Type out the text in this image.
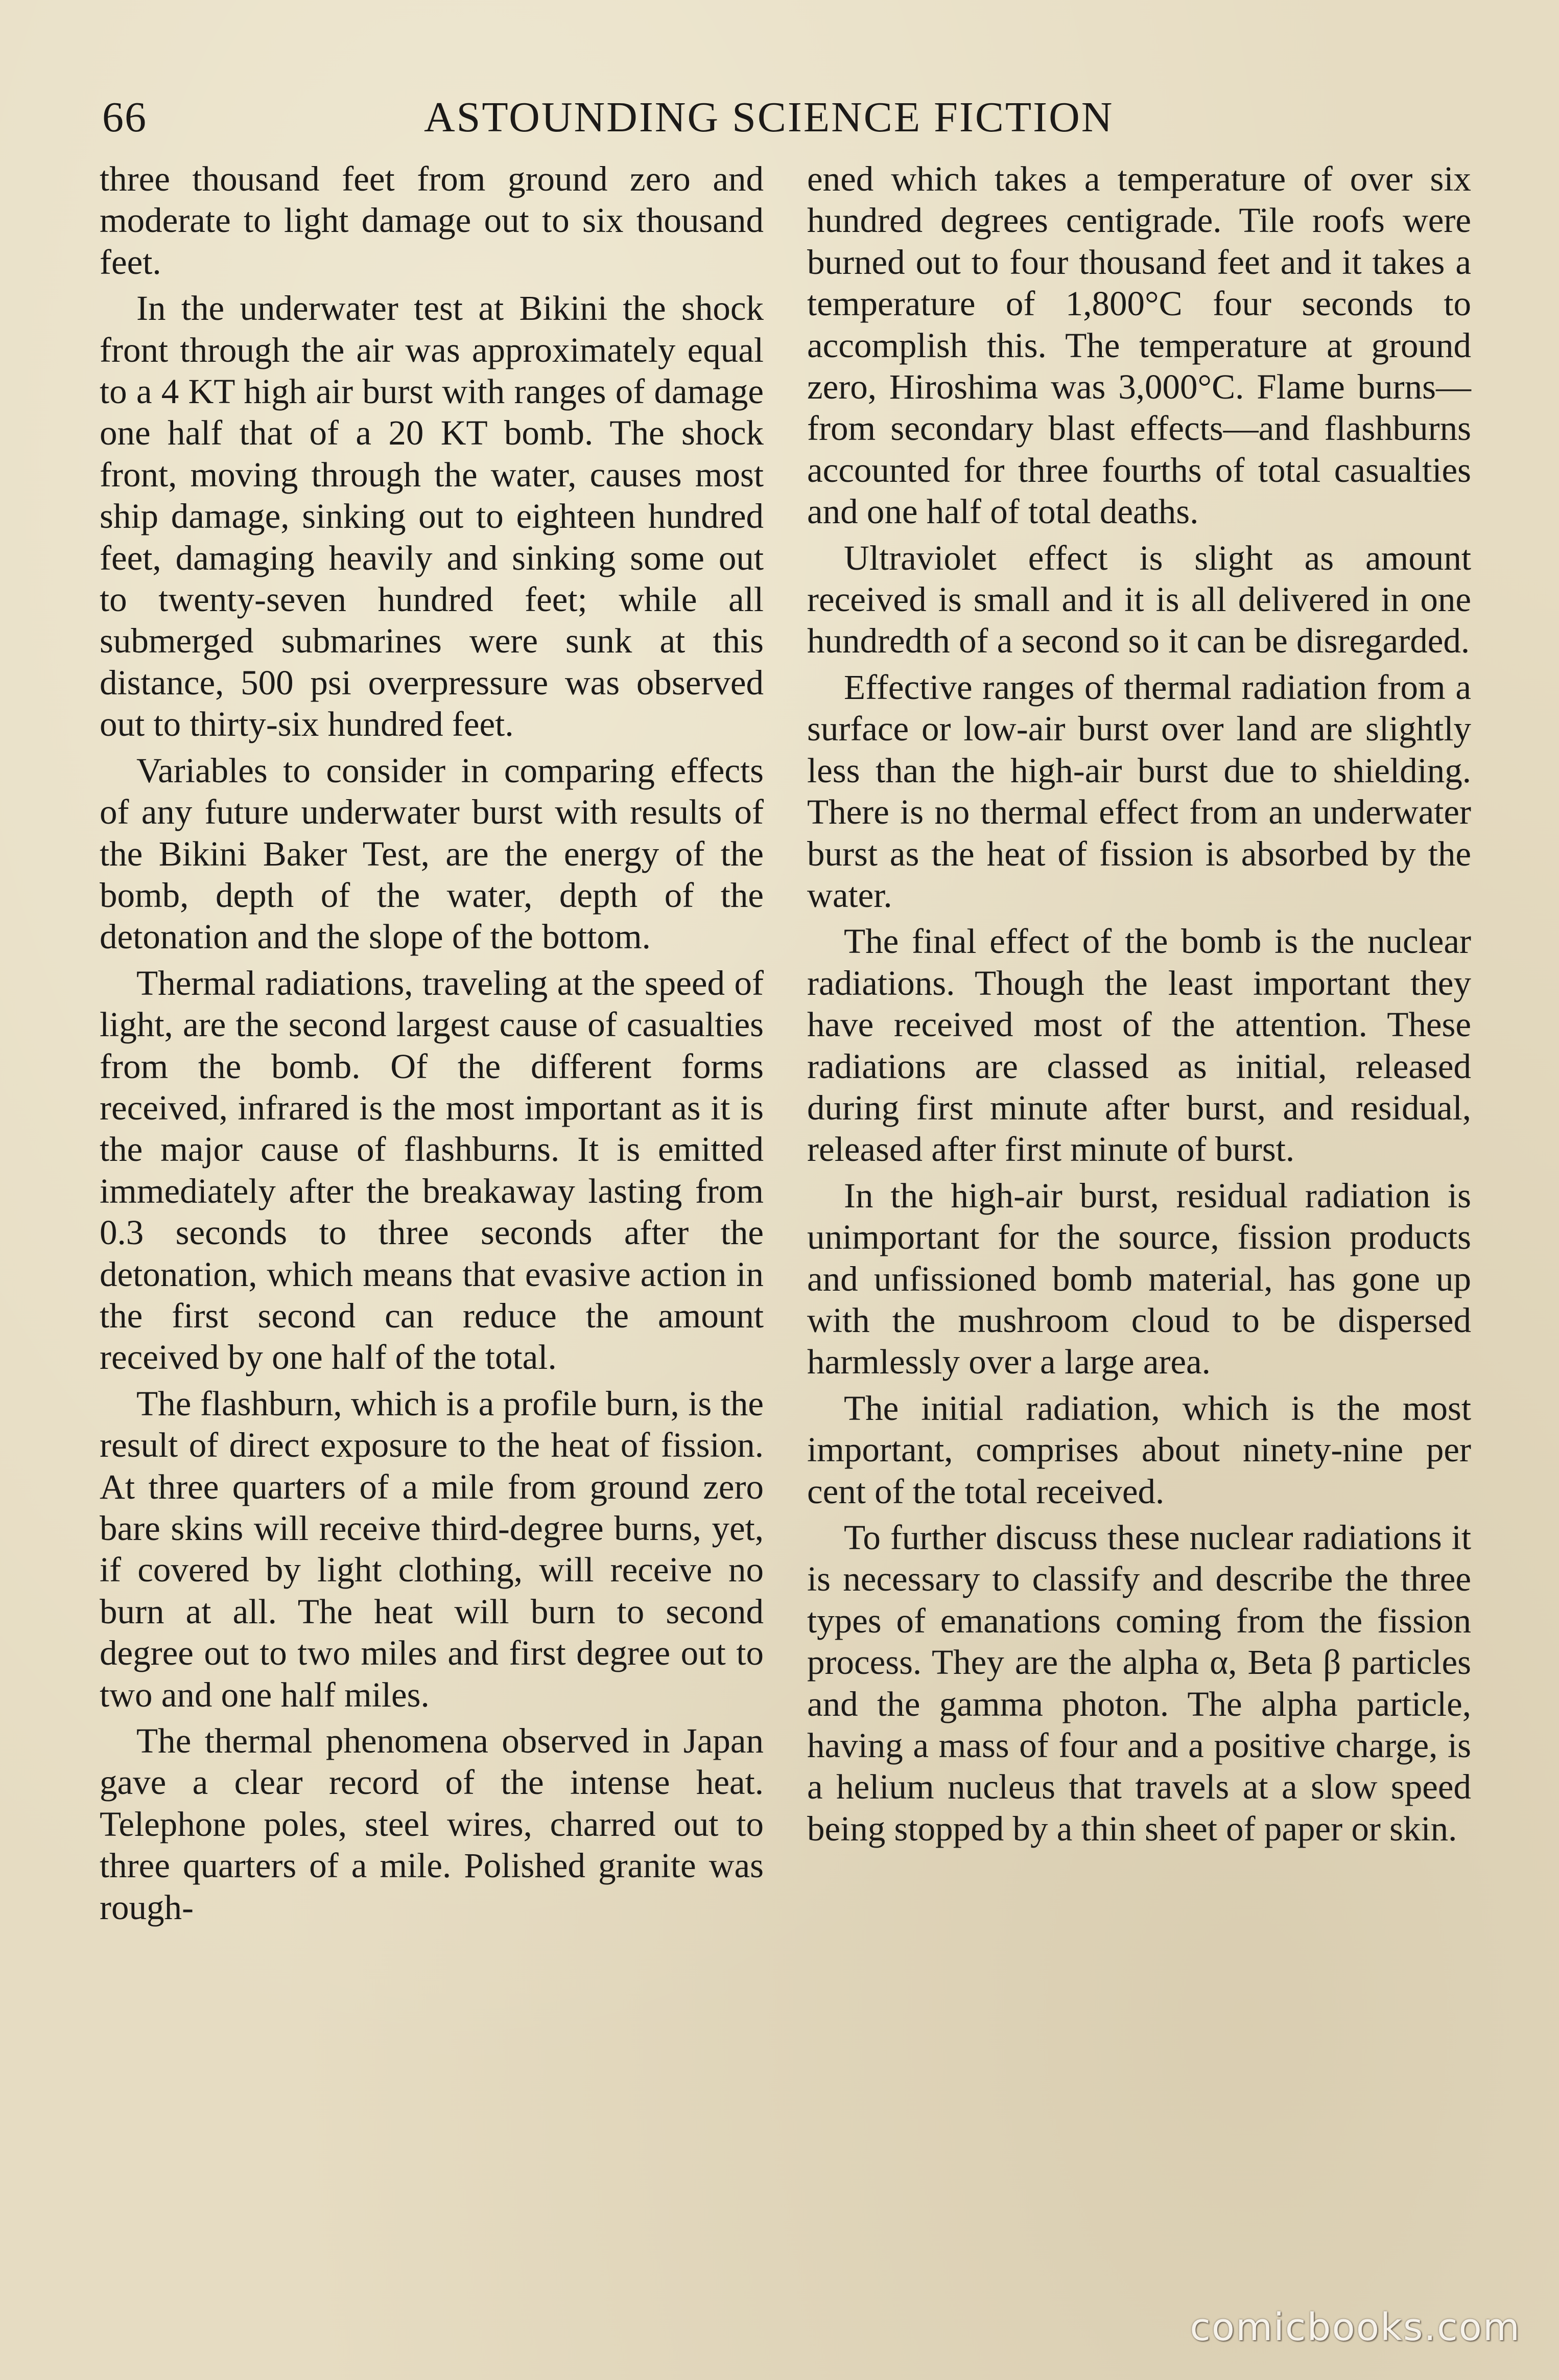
66	ASTOUNDING SCIENCE FICTION

three thousand feet from ground zero and moderate to light damage out to six thousand feet.

In the underwater test at Bikini the shock front through the air was approximately equal to a 4 KT high air burst with ranges of damage one half that of a 20 KT bomb. The shock front, moving through the water, causes most ship damage, sinking out to eighteen hundred feet, damaging heavily and sinking some out to twenty-seven hundred feet; while all submerged submarines were sunk at this distance, 500 psi overpressure was observed out to thirty-six hundred feet.

Variables to consider in comparing effects of any future underwater burst with results of the Bikini Baker Test, are the energy of the bomb, depth of the water, depth of the detonation and the slope of the bottom.

Thermal radiations, traveling at the speed of light, are the second largest cause of casualties from the bomb. Of the different forms received, infrared is the most important as it is the major cause of flashburns. It is emitted immediately after the breakaway lasting from 0.3 seconds to three seconds after the detonation, which means that evasive action in the first second can reduce the amount received by one half of the total.

The flashburn, which is a profile burn, is the result of direct exposure to the heat of fission. At three quarters of a mile from ground zero bare skins will receive third-degree burns, yet, if covered by light clothing, will receive no burn at all. The heat will burn to second degree out to two miles and first degree out to two and one half miles.

The thermal phenomena observed in Japan gave a clear record of the intense heat. Telephone poles, steel wires, charred out to three quarters of a mile. Polished granite was rough-

ened which takes a temperature of over six hundred degrees centigrade. Tile roofs were burned out to four thousand feet and it takes a temperature of 1,800°C four seconds to accomplish this. The temperature at ground zero, Hiroshima was 3,000°C. Flame burns—from secondary blast effects—and flashburns accounted for three fourths of total casualties and one half of total deaths.

Ultraviolet effect is slight as amount received is small and it is all delivered in one hundredth of a second so it can be disregarded.

Effective ranges of thermal radiation from a surface or low-air burst over land are slightly less than the high-air burst due to shielding. There is no thermal effect from an underwater burst as the heat of fission is absorbed by the water.

The final effect of the bomb is the nuclear radiations. Though the least important they have received most of the attention. These radiations are classed as initial, released during first minute after burst, and residual, released after first minute of burst.

In the high-air burst, residual radiation is unimportant for the source, fission products and unfissioned bomb material, has gone up with the mushroom cloud to be dispersed harmlessly over a large area.

The initial radiation, which is the most important, comprises about ninety-nine per cent of the total received.

To further discuss these nuclear radiations it is necessary to classify and describe the three types of emanations coming from the fission process. They are the alpha α, Beta β particles and the gamma photon. The alpha particle, having a mass of four and a positive charge, is a helium nucleus that travels at a slow speed being stopped by a thin sheet of paper or skin.

comicbooks.com
